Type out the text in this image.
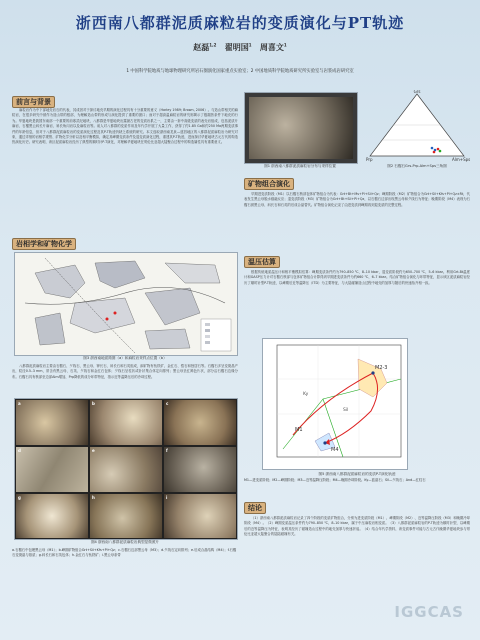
浙西南八都群泥质麻粒岩的变质演化与PT轨迹
赵磊$^{1,2}$ 翟明国$^1$ 周喜文$^1$
1 中国科学院地质与地球物理研究所岩石圈演化国家重点实验室；2 中国地质科学院地质研究所实验室与岩浆成岩研究室
前言与背景
麻粒岩作为中下部地壳岩石的代表，其成因对于探讨地壳早期的演化过程具有十分重要的意义（Harley 1989; Brown, 2006）。与造山带相关的麻粒岩，在很多研究中被作为造山带的根部，为理解造山带的形成与演化提供了重要的窗口；而对于超高温麻粒岩的研究则揭示了极端热条件下地壳的行为。华夏地块是我国东南部一个重要的前寒武纪地块，八都群是华夏地块出露最古老的变质岩系之一，主要由一套中高级变质的表壳岩组成，包括泥质片麻岩、石榴黑云斜长片麻岩、斜长角闪岩以及麻粒岩等。前人对八都群的变质作用及年代学开展了大量工作，获得了约1.85 Ga和约250 Ma两期变质事件的年龄信息，但对于八都群泥质麻粒岩的变质演化过程及其P-T轨迹仍缺乏系统的研究。本文选取浙西南龙泉—遂昌地区的八都群泥质麻粒岩为研究对象，通过详细的岩相学观察、矿物化学分析以及相平衡模拟，确定其峰期变质条件及退变质演化过程，重建其P-T轨迹，进而探讨华夏地块古元古代的构造热演化历史。研究表明，该区泥质麻粒岩经历了典型的顺时针P-T演化，对理解华夏地块在哥伦比亚超大陆聚合过程中的构造属性具有重要意义。
岩相学和矿物化学
图3 浙西南地质简图（a）和麻粒岩采样点位置（b）
八都群泥质麻粒岩主要由石榴石、夕线石、黑云母、钾长石、斜长石和石英组成，副矿物有钛铁矿、金红石、锆石和独居石等。石榴石多呈变斑晶产出，粒径0.5–3 mm，常含有黑云母、石英、夕线石和金红石包体；夕线石呈柱状或针状集合体定向排列；黑云母呈红褐色片状，部分沿石榴石边缘分布。石榴石具有核部至边部Alm增加、Prp降低的成分环带特征，指示近等温降压后的冷却过程。
a	b	c
d	e	f
g	h	i
图4 浙西南八都群泥质麻粒岩典型显微照片
a.石榴石中包裹黑云母（M1）；b.峰期矿物组合Grt+Sil+Kfs+Pl+Qz；c.石榴石边部黑云母（M3）；d.夕线石定向排列；e.后成合晶结构（M4）；f.石榴石变斑晶与基质；g.斜长石和石英包体；h.金红石与钛铁矿；i.黑云母条带
图1 浙西南八都群泥质麻粒岩分布与采样位置
Grs
Prp	Alm+Sps
图2 石榴石Grs-Prp-Alm+Sps三角图
矿物组合演化
早期进变质阶段（M1）以石榴石核部包体矿物组合为代表：Grt+Bt+Ms+Pl+Sil+Qz；峰期阶段（M2）矿物组合为Grt+Sil+Kfs+Pl+Qz±Rt，代表发生黑云母脱水熔融反应；退变质阶段（M3）矿物组合为Grt+Bt+Sil+Pl+Qz，以石榴石边部出现黑云母和夕线石为特征；晚期阶段（M4）表现为石榴石被黑云母、斜长石和石英的后成合晶替代。矿物组合演化记录了由进变质到峰期再到退变质的完整过程。
温压估算
根据传统地质温压计和相平衡模拟估算：峰期变质条件约为790–850 ℃、8–10 kbar，退变质阶段约为650–700 ℃、5–6 kbar。利用Grt-Bt温度计和GASP压力计对石榴石核部与包体矿物组合计算得到早期进变质条件为约660 ℃、6–7 kbar。结合矿物组合演化与环带特征，显示该区泥质麻粒岩经历了顺时针型P-T轨迹，以峰期后近等温降压（ITD）为主要特征，与大陆碰撞造山过程中地壳的加厚与随后的快速抬升相一致。
M2-3
M4
M1
Ky
Sil
图5 浙西南八都群泥质麻粒岩的变质P-T演化轨迹
M1—进变质阶段；M2—峰期阶段；M3—近等温降压阶段；M4—晚期冷却阶段。Ky—蓝晶石；Sil—夕线石；And—红柱石
结论
（1）浙西南八都群泥质麻粒岩记录了四个阶段的变质矿物组合，分别为进变质阶段（M1）、峰期阶段（M2）、近等温降压阶段（M3）和晚期冷却阶段（M4）。（2）峰期变质温压条件约为790–850 ℃、8–10 kbar，属于中压麻粒岩相变质。（3）八都群泥质麻粒岩的P-T轨迹为顺时针型，以峰期后的近等温降压为特征，表明其经历了碰撞造山过程中的地壳加厚与快速折返。（4）结合年代学资料，该变质事件可能与古元古代晚期华夏地块参与哥伦比亚超大陆聚合的陆陆碰撞有关。
IGGCAS
